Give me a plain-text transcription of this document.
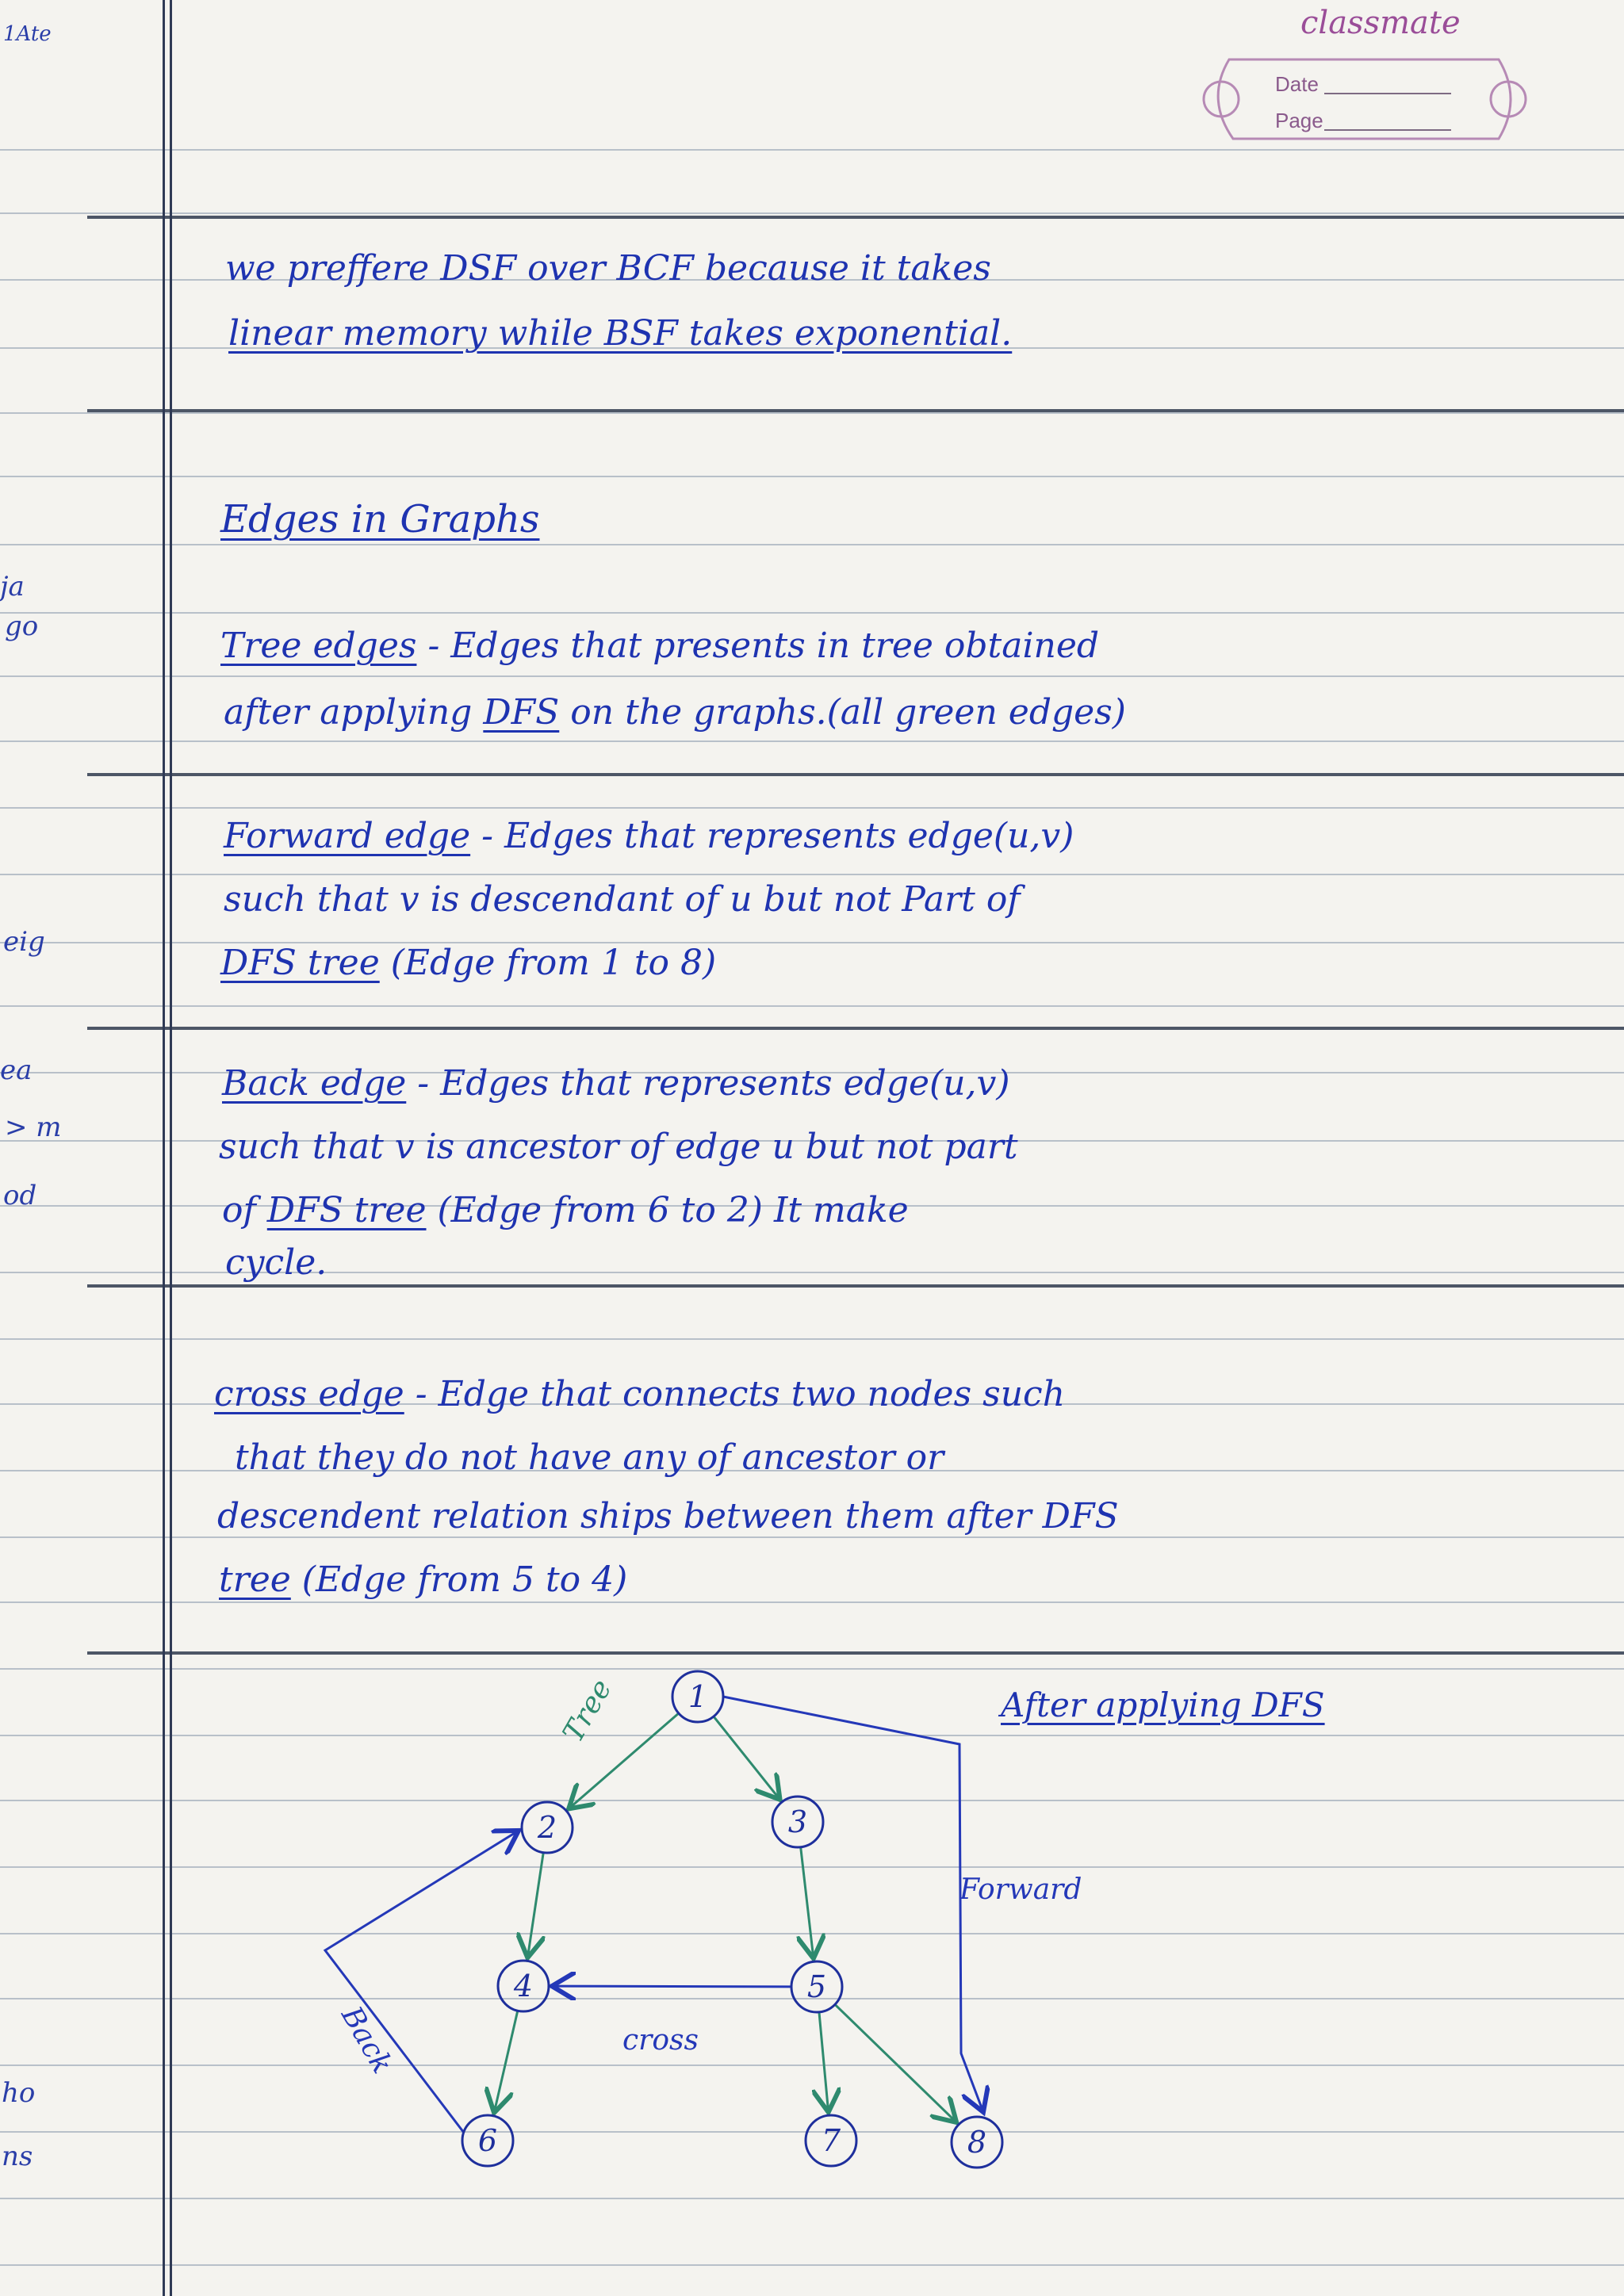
1Ate
ja
go
eig
ea
> m
od
ho
ns
classmate
Date
Page
we preffere DSF over BCF because it takes
linear memory while BSF takes exponential.
Edges in Graphs
Tree edges - Edges that presents in tree obtained
after applying DFS on the graphs.(all green edges)
Forward edge - Edges that represents edge(u,v)
such that v is descendant of u but not Part of
DFS tree (Edge from 1 to 8)
Back edge - Edges that represents edge(u,v)
such that v is ancestor of edge u but not part
of DFS tree (Edge from 6 to 2) It make
cycle.
cross edge - Edge that connects two nodes such
that they do not have any of ancestor or
descendent relation ships between them after DFS
tree (Edge from 5 to 4)
After applying DFS
1
2	3
4	5
6	7	8
Tree
Forward
cross
Back
